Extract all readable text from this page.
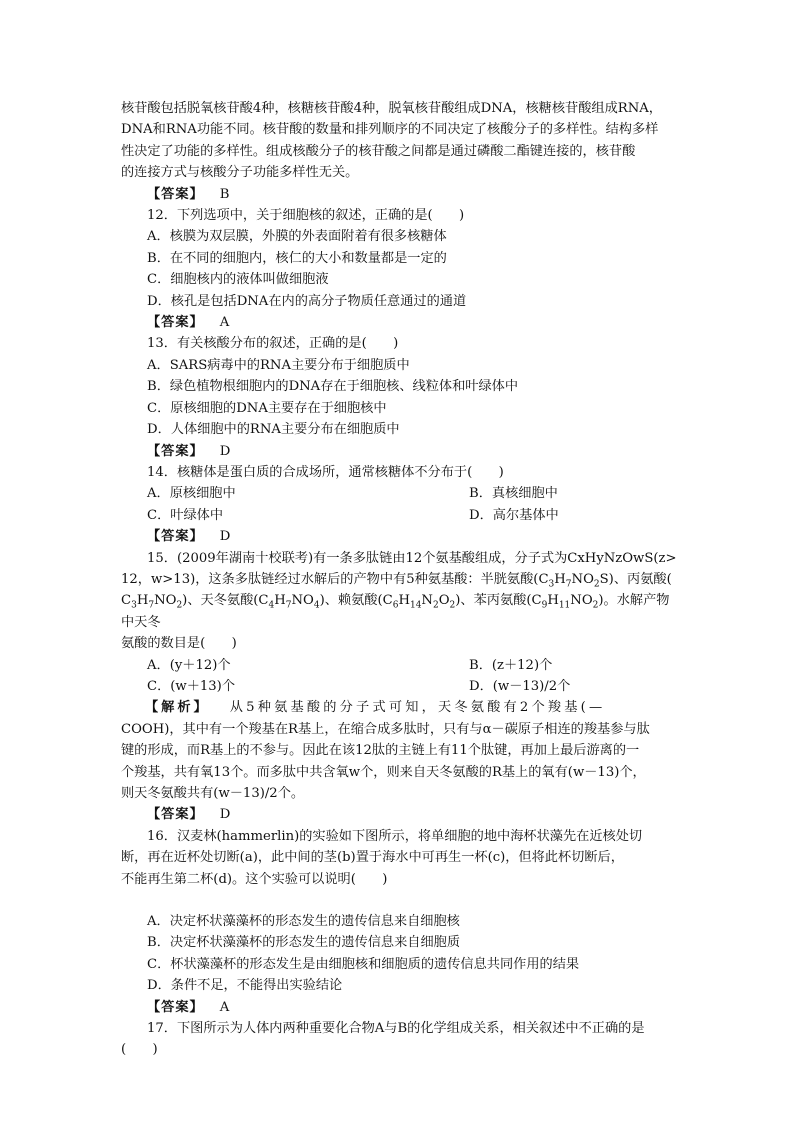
核苷酸包括脱氧核苷酸4种，核糖核苷酸4种，脱氧核苷酸组成DNA，核糖核苷酸组成RNA，

DNA和RNA功能不同。核苷酸的数量和排列顺序的不同决定了核酸分子的多样性。结构多样

性决定了功能的多样性。组成核酸分子的核苷酸之间都是通过磷酸二酯键连接的，核苷酸

的连接方式与核酸分子功能多样性无关。

【答案】 B

12．下列选项中，关于细胞核的叙述，正确的是(　　)

A．核膜为双层膜，外膜的外表面附着有很多核糖体

B．在不同的细胞内，核仁的大小和数量都是一定的

C．细胞核内的液体叫做细胞液

D．核孔是包括DNA在内的高分子物质任意通过的通道

【答案】 A

13．有关核酸分布的叙述，正确的是(　　)

A．SARS病毒中的RNA主要分布于细胞质中

B．绿色植物根细胞内的DNA存在于细胞核、线粒体和叶绿体中

C．原核细胞的DNA主要存在于细胞核中

D．人体细胞中的RNA主要分布在细胞质中

【答案】 D

14．核糖体是蛋白质的合成场所，通常核糖体不分布于(　　)

A．原核细胞中	B．真核细胞中
C．叶绿体中	D．高尔基体中

【答案】 D

15．(2009年湖南十校联考)有一条多肽链由12个氨基酸组成，分子式为CxHyNzOwS(z>

12，w>13)，这条多肽链经过水解后的产物中有5种氨基酸：半胱氨酸$(C_3H_7NO_2S)$、丙氨酸(

$C_3H_7NO_2$)、天冬氨酸$(C_4H_7NO_4)$、赖氨酸$(C_6H_{14}N_2O_2)$、苯丙氨酸$(C_9H_{11}NO_2)$。水解产物中天冬

氨酸的数目是(　　)

A．(y＋12)个	B．(z＋12)个
C．(w＋13)个	D．(w－13)/2个

【解析】 从5种氨基酸的分子式可知，天冬氨酸有2个羧基(—

COOH)，其中有一个羧基在R基上，在缩合成多肽时，只有与α－碳原子相连的羧基参与肽

键的形成，而R基上的不参与。因此在该12肽的主链上有11个肽键，再加上最后游离的一

个羧基，共有氧13个。而多肽中共含氧w个，则来自天冬氨酸的R基上的氧有(w－13)个，

则天冬氨酸共有(w－13)/2个。

【答案】 D

16．汉麦林(hammerlin)的实验如下图所示，将单细胞的地中海杯状藻先在近核处切

断，再在近杯处切断(a)，此中间的茎(b)置于海水中可再生一杯(c)，但将此杯切断后，

不能再生第二杯(d)。这个实验可以说明(　　)

A．决定杯状藻藻杯的形态发生的遗传信息来自细胞核

B．决定杯状藻藻杯的形态发生的遗传信息来自细胞质

C．杯状藻藻杯的形态发生是由细胞核和细胞质的遗传信息共同作用的结果

D．条件不足，不能得出实验结论

【答案】 A

17．下图所示为人体内两种重要化合物A与B的化学组成关系，相关叙述中不正确的是

(　　)
